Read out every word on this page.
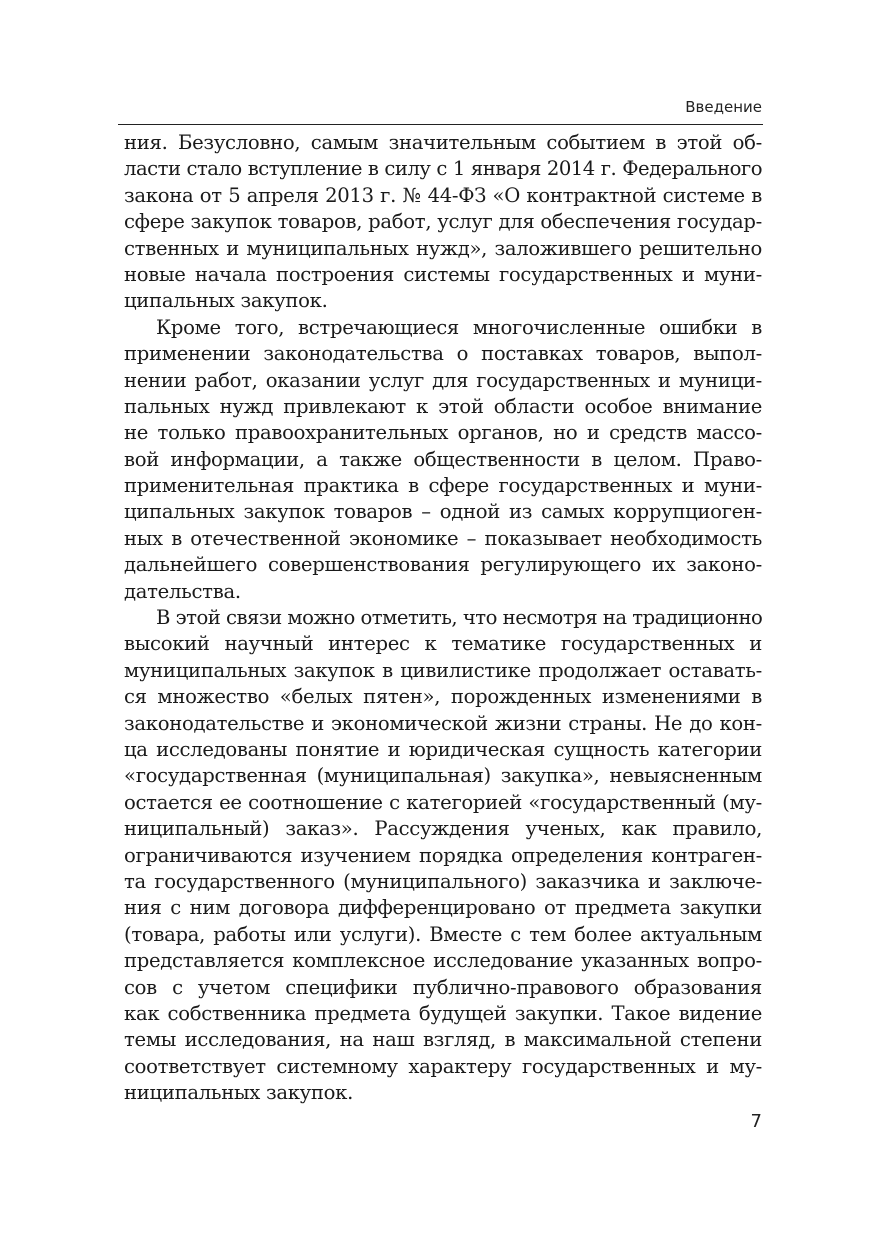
Введение
ния. Безусловно, самым значительным событием в этой об-
ласти стало вступление в силу с 1 января 2014 г. Федерального
закона от 5 апреля 2013 г. № 44-ФЗ «О контрактной системе в
сфере закупок товаров, работ, услуг для обеспечения государ-
ственных и муниципальных нужд», заложившего решительно
новые начала построения системы государственных и муни-
ципальных закупок.
Кроме того, встречающиеся многочисленные ошибки в
применении законодательства о поставках товаров, выпол-
нении работ, оказании услуг для государственных и муници-
пальных нужд привлекают к этой области особое внимание
не только правоохранительных органов, но и средств массо-
вой информации, а также общественности в целом. Право-
применительная практика в сфере государственных и муни-
ципальных закупок товаров – одной из самых коррупциоген-
ных в отечественной экономике – показывает необходимость
дальнейшего совершенствования регулирующего их законо-
дательства.
В этой связи можно отметить, что несмотря на традиционно
высокий научный интерес к тематике государственных и
муниципальных закупок в цивилистике продолжает оставать-
ся множество «белых пятен», порожденных изменениями в
законодательстве и экономической жизни страны. Не до кон-
ца исследованы понятие и юридическая сущность категории
«государственная (муниципальная) закупка», невыясненным
остается ее соотношение с категорией «государственный (му-
ниципальный) заказ». Рассуждения ученых, как правило,
ограничиваются изучением порядка определения контраген-
та государственного (муниципального) заказчика и заключе-
ния с ним договора дифференцировано от предмета закупки
(товара, работы или услуги). Вместе с тем более актуальным
представляется комплексное исследование указанных вопро-
сов с учетом специфики публично-правового образования
как собственника предмета будущей закупки. Такое видение
темы исследования, на наш взгляд, в максимальной степени
соответствует системному характеру государственных и му-
ниципальных закупок.
7
